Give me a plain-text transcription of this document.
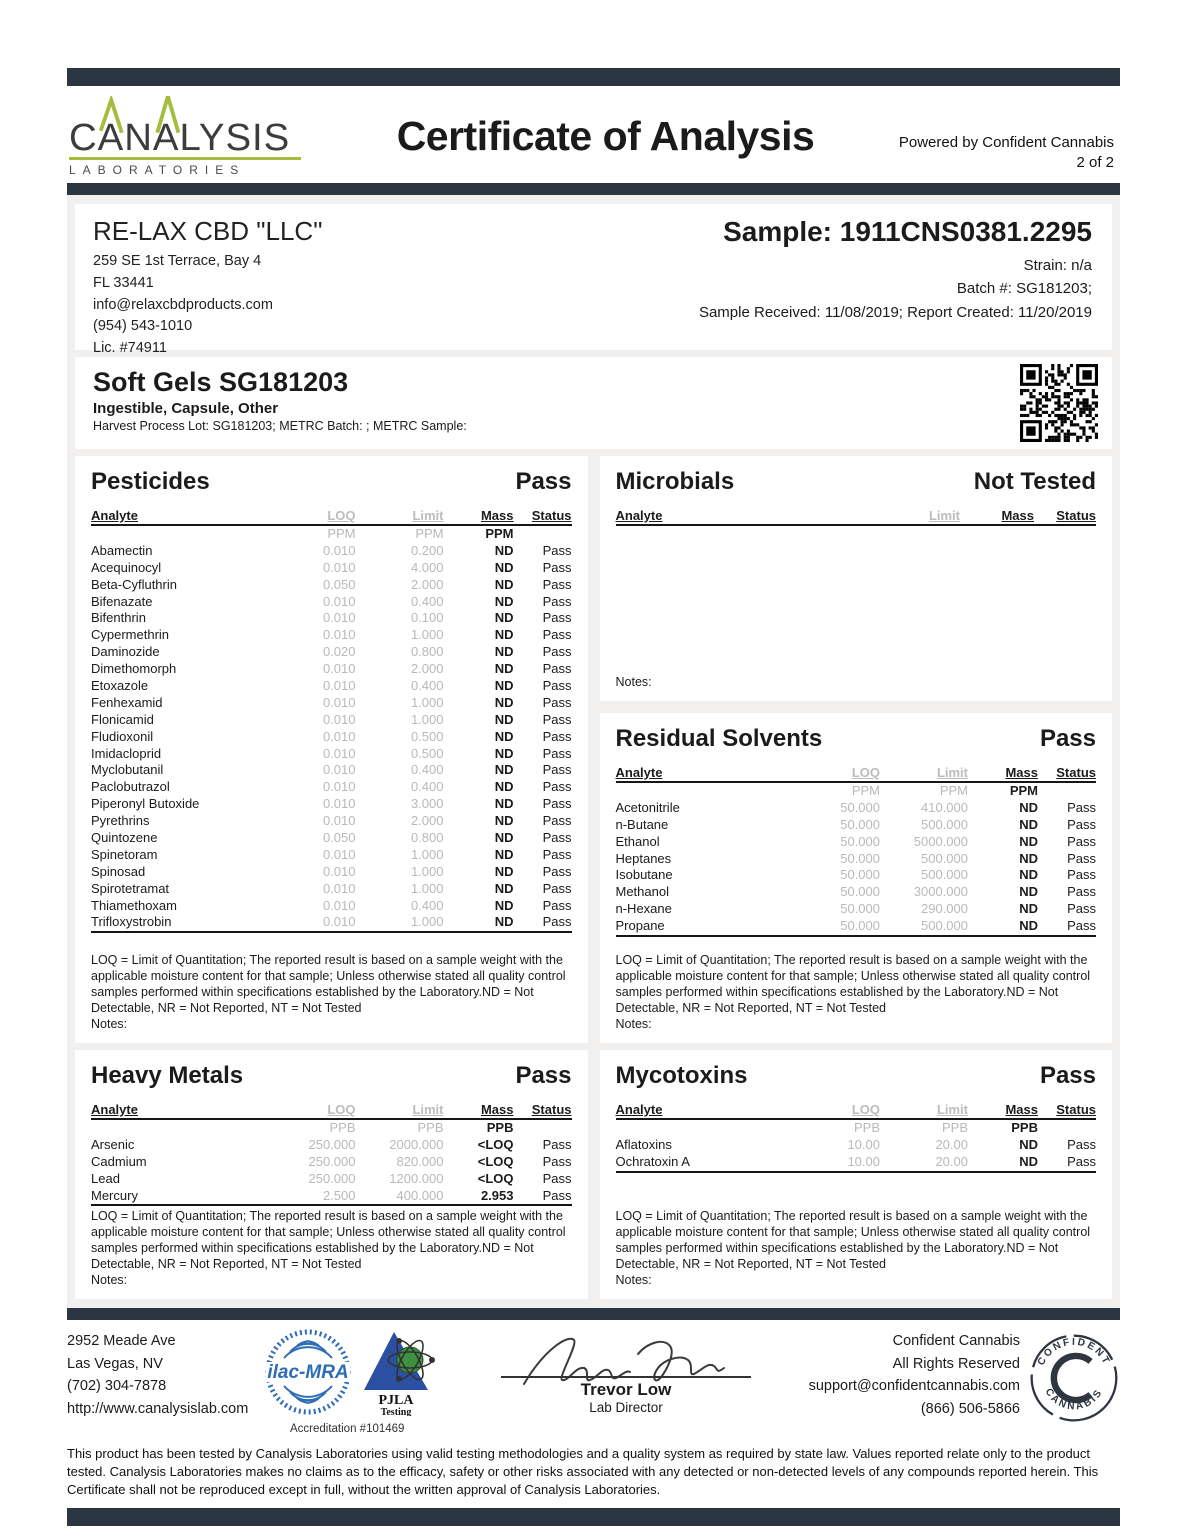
CANALYSIS
LABORATORIES
Certificate of Analysis	Powered by Confident Cannabis
2 of 2
RE-LAX CBD "LLC"
259 SE 1st Terrace, Bay 4
FL 33441
info@relaxcbdproducts.com
(954) 543-1010
Lic. #74911
Sample: 1911CNS0381.2295
Strain: n/a
Batch #: SG181203;
Sample Received: 11/08/2019; Report Created: 11/20/2019
Soft Gels SG181203
Ingestible, Capsule, Other
Harvest Process Lot: SG181203; METRC Batch: ; METRC Sample:
Pesticides	Pass
Analyte	LOQ	Limit	Mass	Status
PPM	PPM	PPM
Abamectin	0.010	0.200	ND	Pass
Acequinocyl	0.010	4.000	ND	Pass
Beta-Cyfluthrin	0.050	2.000	ND	Pass
Bifenazate	0.010	0.400	ND	Pass
Bifenthrin	0.010	0.100	ND	Pass
Cypermethrin	0.010	1.000	ND	Pass
Daminozide	0.020	0.800	ND	Pass
Dimethomorph	0.010	2.000	ND	Pass
Etoxazole	0.010	0.400	ND	Pass
Fenhexamid	0.010	1.000	ND	Pass
Flonicamid	0.010	1.000	ND	Pass
Fludioxonil	0.010	0.500	ND	Pass
Imidacloprid	0.010	0.500	ND	Pass
Myclobutanil	0.010	0.400	ND	Pass
Paclobutrazol	0.010	0.400	ND	Pass
Piperonyl Butoxide	0.010	3.000	ND	Pass
Pyrethrins	0.010	2.000	ND	Pass
Quintozene	0.050	0.800	ND	Pass
Spinetoram	0.010	1.000	ND	Pass
Spinosad	0.010	1.000	ND	Pass
Spirotetramat	0.010	1.000	ND	Pass
Thiamethoxam	0.010	0.400	ND	Pass
Trifloxystrobin	0.010	1.000	ND	Pass
LOQ = Limit of Quantitation; The reported result is based on a sample weight with the applicable moisture content for that sample; Unless otherwise stated all quality control samples performed within specifications established by the Laboratory.ND = Not Detectable, NR = Not Reported, NT = Not Tested
Notes:
Microbials	Not Tested
Analyte	Limit	Mass	Status
Notes:
Residual Solvents	Pass
Analyte	LOQ	Limit	Mass	Status
PPM	PPM	PPM
Acetonitrile	50.000	410.000	ND	Pass
n-Butane	50.000	500.000	ND	Pass
Ethanol	50.000	5000.000	ND	Pass
Heptanes	50.000	500.000	ND	Pass
Isobutane	50.000	500.000	ND	Pass
Methanol	50.000	3000.000	ND	Pass
n-Hexane	50.000	290.000	ND	Pass
Propane	50.000	500.000	ND	Pass
LOQ = Limit of Quantitation; The reported result is based on a sample weight with the applicable moisture content for that sample; Unless otherwise stated all quality control samples performed within specifications established by the Laboratory.ND = Not Detectable, NR = Not Reported, NT = Not Tested
Notes:
Heavy Metals	Pass
Analyte	LOQ	Limit	Mass	Status
PPB	PPB	PPB
Arsenic	250.000	2000.000	<LOQ	Pass
Cadmium	250.000	820.000	<LOQ	Pass
Lead	250.000	1200.000	<LOQ	Pass
Mercury	2.500	400.000	2.953	Pass
LOQ = Limit of Quantitation; The reported result is based on a sample weight with the applicable moisture content for that sample; Unless otherwise stated all quality control samples performed within specifications established by the Laboratory.ND = Not Detectable, NR = Not Reported, NT = Not Tested
Notes:
Mycotoxins	Pass
Analyte	LOQ	Limit	Mass	Status
PPB	PPB	PPB
Aflatoxins	10.00	20.00	ND	Pass
Ochratoxin A	10.00	20.00	ND	Pass
LOQ = Limit of Quantitation; The reported result is based on a sample weight with the applicable moisture content for that sample; Unless otherwise stated all quality control samples performed within specifications established by the Laboratory.ND = Not Detectable, NR = Not Reported, NT = Not Tested
Notes:
2952 Meade Ave
Las Vegas, NV
(702) 304-7878
http://www.canalysislab.com
ilac-MRA
PJLA
Testing
Accreditation #101469
Trevor Low
Lab Director
Confident Cannabis
All Rights Reserved
support@confidentcannabis.com
(866) 506-5866
CONFIDENT
CANNABIS
This product has been tested by Canalysis Laboratories using valid testing methodologies and a quality system as required by state law. Values reported relate only to the product tested. Canalysis Laboratories makes no claims as to the efficacy, safety or other risks associated with any detected or non-detected levels of any compounds reported herein. This Certificate shall not be reproduced except in full, without the written approval of Canalysis Laboratories.
